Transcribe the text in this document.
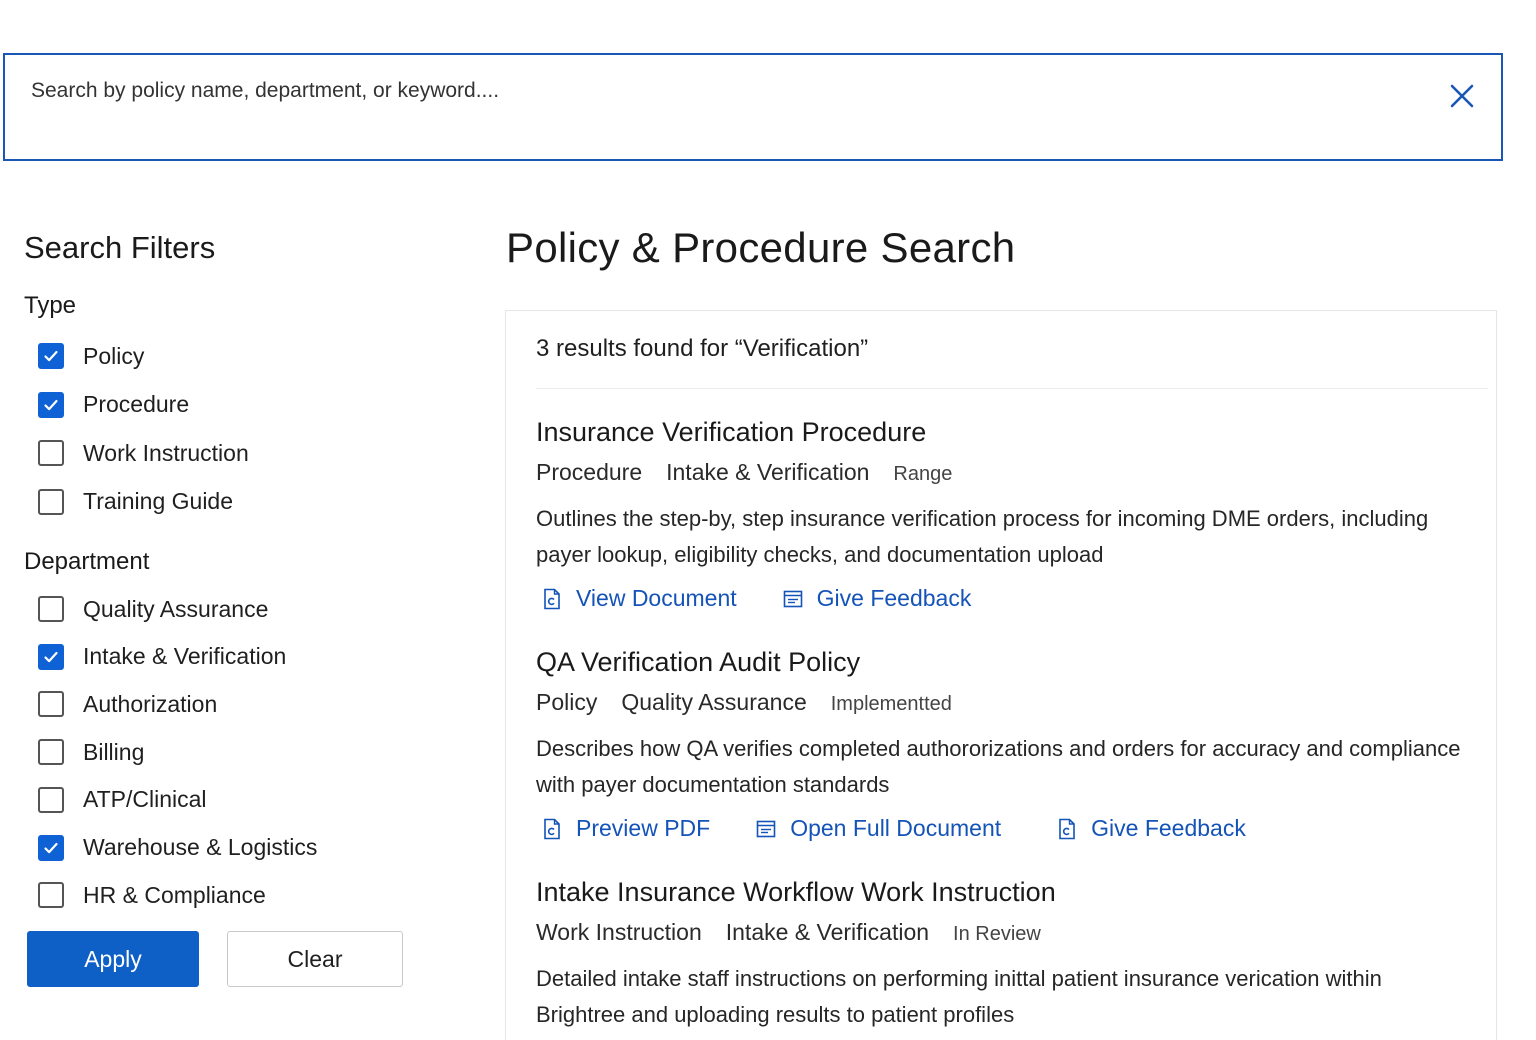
Search by policy name, department, or keyword....
Search Filters
Type
Policy
Procedure
Work Instruction
Training Guide
Department
Quality Assurance
Intake & Verification
Authorization
Billing
ATP/Clinical
Warehouse & Logistics
HR & Compliance
Apply	Clear
Policy & Procedure Search
3 results found for “Verification”
Insurance Verification Procedure
Procedure Intake & Verification Range

Outlines the step-by, step insurance verification process for incoming DME orders, including payer lookup, eligibility checks, and documentation upload

View Document	Give Feedback
QA Verification Audit Policy
Policy Quality Assurance Implementted

Describes how QA verifies completed authororizations and orders for accuracy and compliance with payer documentation standards

Preview PDF	Open Full Document	Give Feedback
Intake Insurance Workflow Work Instruction
Work Instruction Intake & Verification In Review

Detailed intake staff instructions on performing inittal patient insurance verication within Brightree and uploading results to patient profiles
